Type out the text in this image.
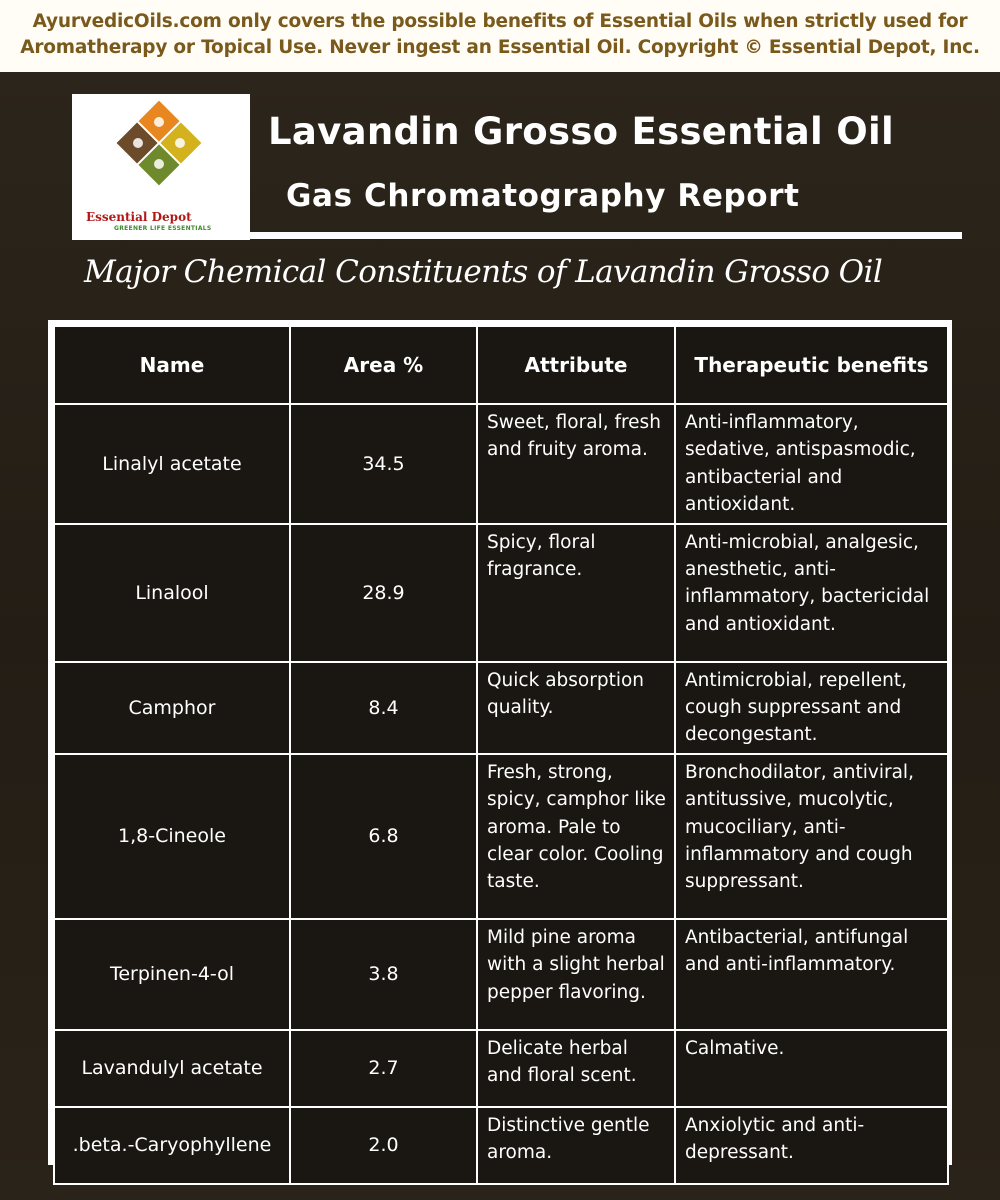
AyurvedicOils.com only covers the possible benefits of Essential Oils when strictly used for
Aromatherapy or Topical Use. Never ingest an Essential Oil. Copyright © Essential Depot, Inc.
Essential Depot
GREENER LIFE ESSENTIALS
Lavandin Grosso Essential Oil
Gas Chromatography Report
Major Chemical Constituents of Lavandin Grosso Oil
Name	Area %	Attribute	Therapeutic benefits
Linalyl acetate	34.5	Sweet, floral, fresh and fruity aroma.	Anti-inflammatory, sedative, antispasmodic, antibacterial and antioxidant.
Linalool	28.9	Spicy, floral fragrance.	Anti-microbial, analgesic, anesthetic, anti-inflammatory, bactericidal and antioxidant.
Camphor	8.4	Quick absorption quality.	Antimicrobial, repellent, cough suppressant and decongestant.
1,8-Cineole	6.8	Fresh, strong, spicy, camphor like aroma. Pale to clear color. Cooling taste.	Bronchodilator, antiviral, antitussive, mucolytic, mucociliary, anti-inflammatory and cough suppressant.
Terpinen-4-ol	3.8	Mild pine aroma with a slight herbal pepper flavoring.	Antibacterial, antifungal and anti-inflammatory.
Lavandulyl acetate	2.7	Delicate herbal and floral scent.	Calmative.
.beta.-Caryophyllene	2.0	Distinctive gentle aroma.	Anxiolytic and anti-depressant.
